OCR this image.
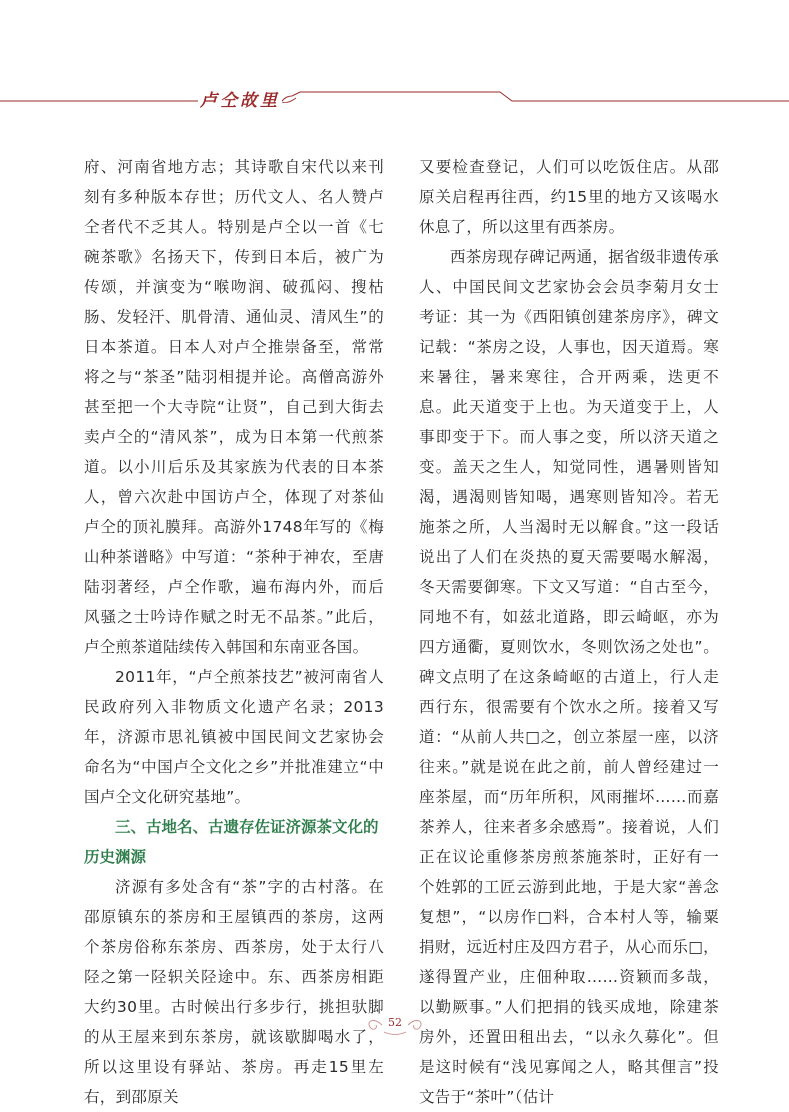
卢仝故里

府、河南省地方志；其诗歌自宋代以来刊刻有多种版本存世；历代文人、名人赞卢仝者代不乏其人。特别是卢仝以一首《七碗茶歌》名扬天下，传到日本后，被广为传颂，并演变为“喉吻润、破孤闷、搜枯肠、发轻汗、肌骨清、通仙灵、清风生”的日本茶道。日本人对卢仝推崇备至，常常将之与“茶圣”陆羽相提并论。高僧高游外甚至把一个大寺院“让贤”，自己到大街去卖卢仝的“清风茶”，成为日本第一代煎茶道。以小川后乐及其家族为代表的日本茶人，曾六次赴中国访卢仝，体现了对茶仙卢仝的顶礼膜拜。高游外1748年写的《梅山种茶谱略》中写道：“茶种于神农，至唐陆羽著经，卢仝作歌，遍布海内外，而后风骚之士吟诗作赋之时无不品茶。”此后，卢仝煎茶道陆续传入韩国和东南亚各国。

2011年，“卢仝煎茶技艺”被河南省人民政府列入非物质文化遗产名录；2013年，济源市思礼镇被中国民间文艺家协会命名为“中国卢仝文化之乡”并批准建立“中国卢仝文化研究基地”。

三、古地名、古遗存佐证济源茶文化的历史渊源

济源有多处含有“茶”字的古村落。在邵原镇东的茶房和王屋镇西的茶房，这两个茶房俗称东茶房、西茶房，处于太行八陉之第一陉轵关陉途中。东、西茶房相距大约30里。古时候出行多步行，挑担驮脚的从王屋来到东茶房，就该歇脚喝水了，所以这里设有驿站、茶房。再走15里左右，到邵原关

又要检查登记，人们可以吃饭住店。从邵原关启程再往西，约15里的地方又该喝水休息了，所以这里有西茶房。

西茶房现存碑记两通，据省级非遗传承人、中国民间文艺家协会会员李菊月女士考证：其一为《西阳镇创建茶房序》，碑文记载：“茶房之设，人事也，因天道焉。寒来暑往，暑来寒往，合开两乘，迭更不息。此天道变于上也。为天道变于上，人事即变于下。而人事之变，所以济天道之变。盖天之生人，知觉同性，遇暑则皆知渴，遇渴则皆知喝，遇寒则皆知冷。若无施茶之所，人当渴时无以解食。”这一段话说出了人们在炎热的夏天需要喝水解渴，冬天需要御寒。下文又写道：“自古至今，同地不有，如兹北道路，即云崎岖，亦为四方通衢，夏则饮水，冬则饮汤之处也”。碑文点明了在这条崎岖的古道上，行人走西行东，很需要有个饮水之所。接着又写道：“从前人共□之，创立茶屋一座，以济往来。”就是说在此之前，前人曾经建过一座茶屋，而“历年所积，风雨摧坏……而嘉茶养人，往来者多余感焉”。接着说，人们正在议论重修茶房煎茶施茶时，正好有一个姓郭的工匠云游到此地，于是大家“善念复想”，“以房作□料，合本村人等，输粟捐财，远近村庄及四方君子，从心而乐□，遂得置产业，庄佃种取……资颖而多哉，以勤厥事。”人们把捐的钱买成地，除建茶房外，还置田租出去，“以永久募化”。但是这时候有“浅见寡闻之人，略其俚言”投文告于“茶叶”（估计

52
